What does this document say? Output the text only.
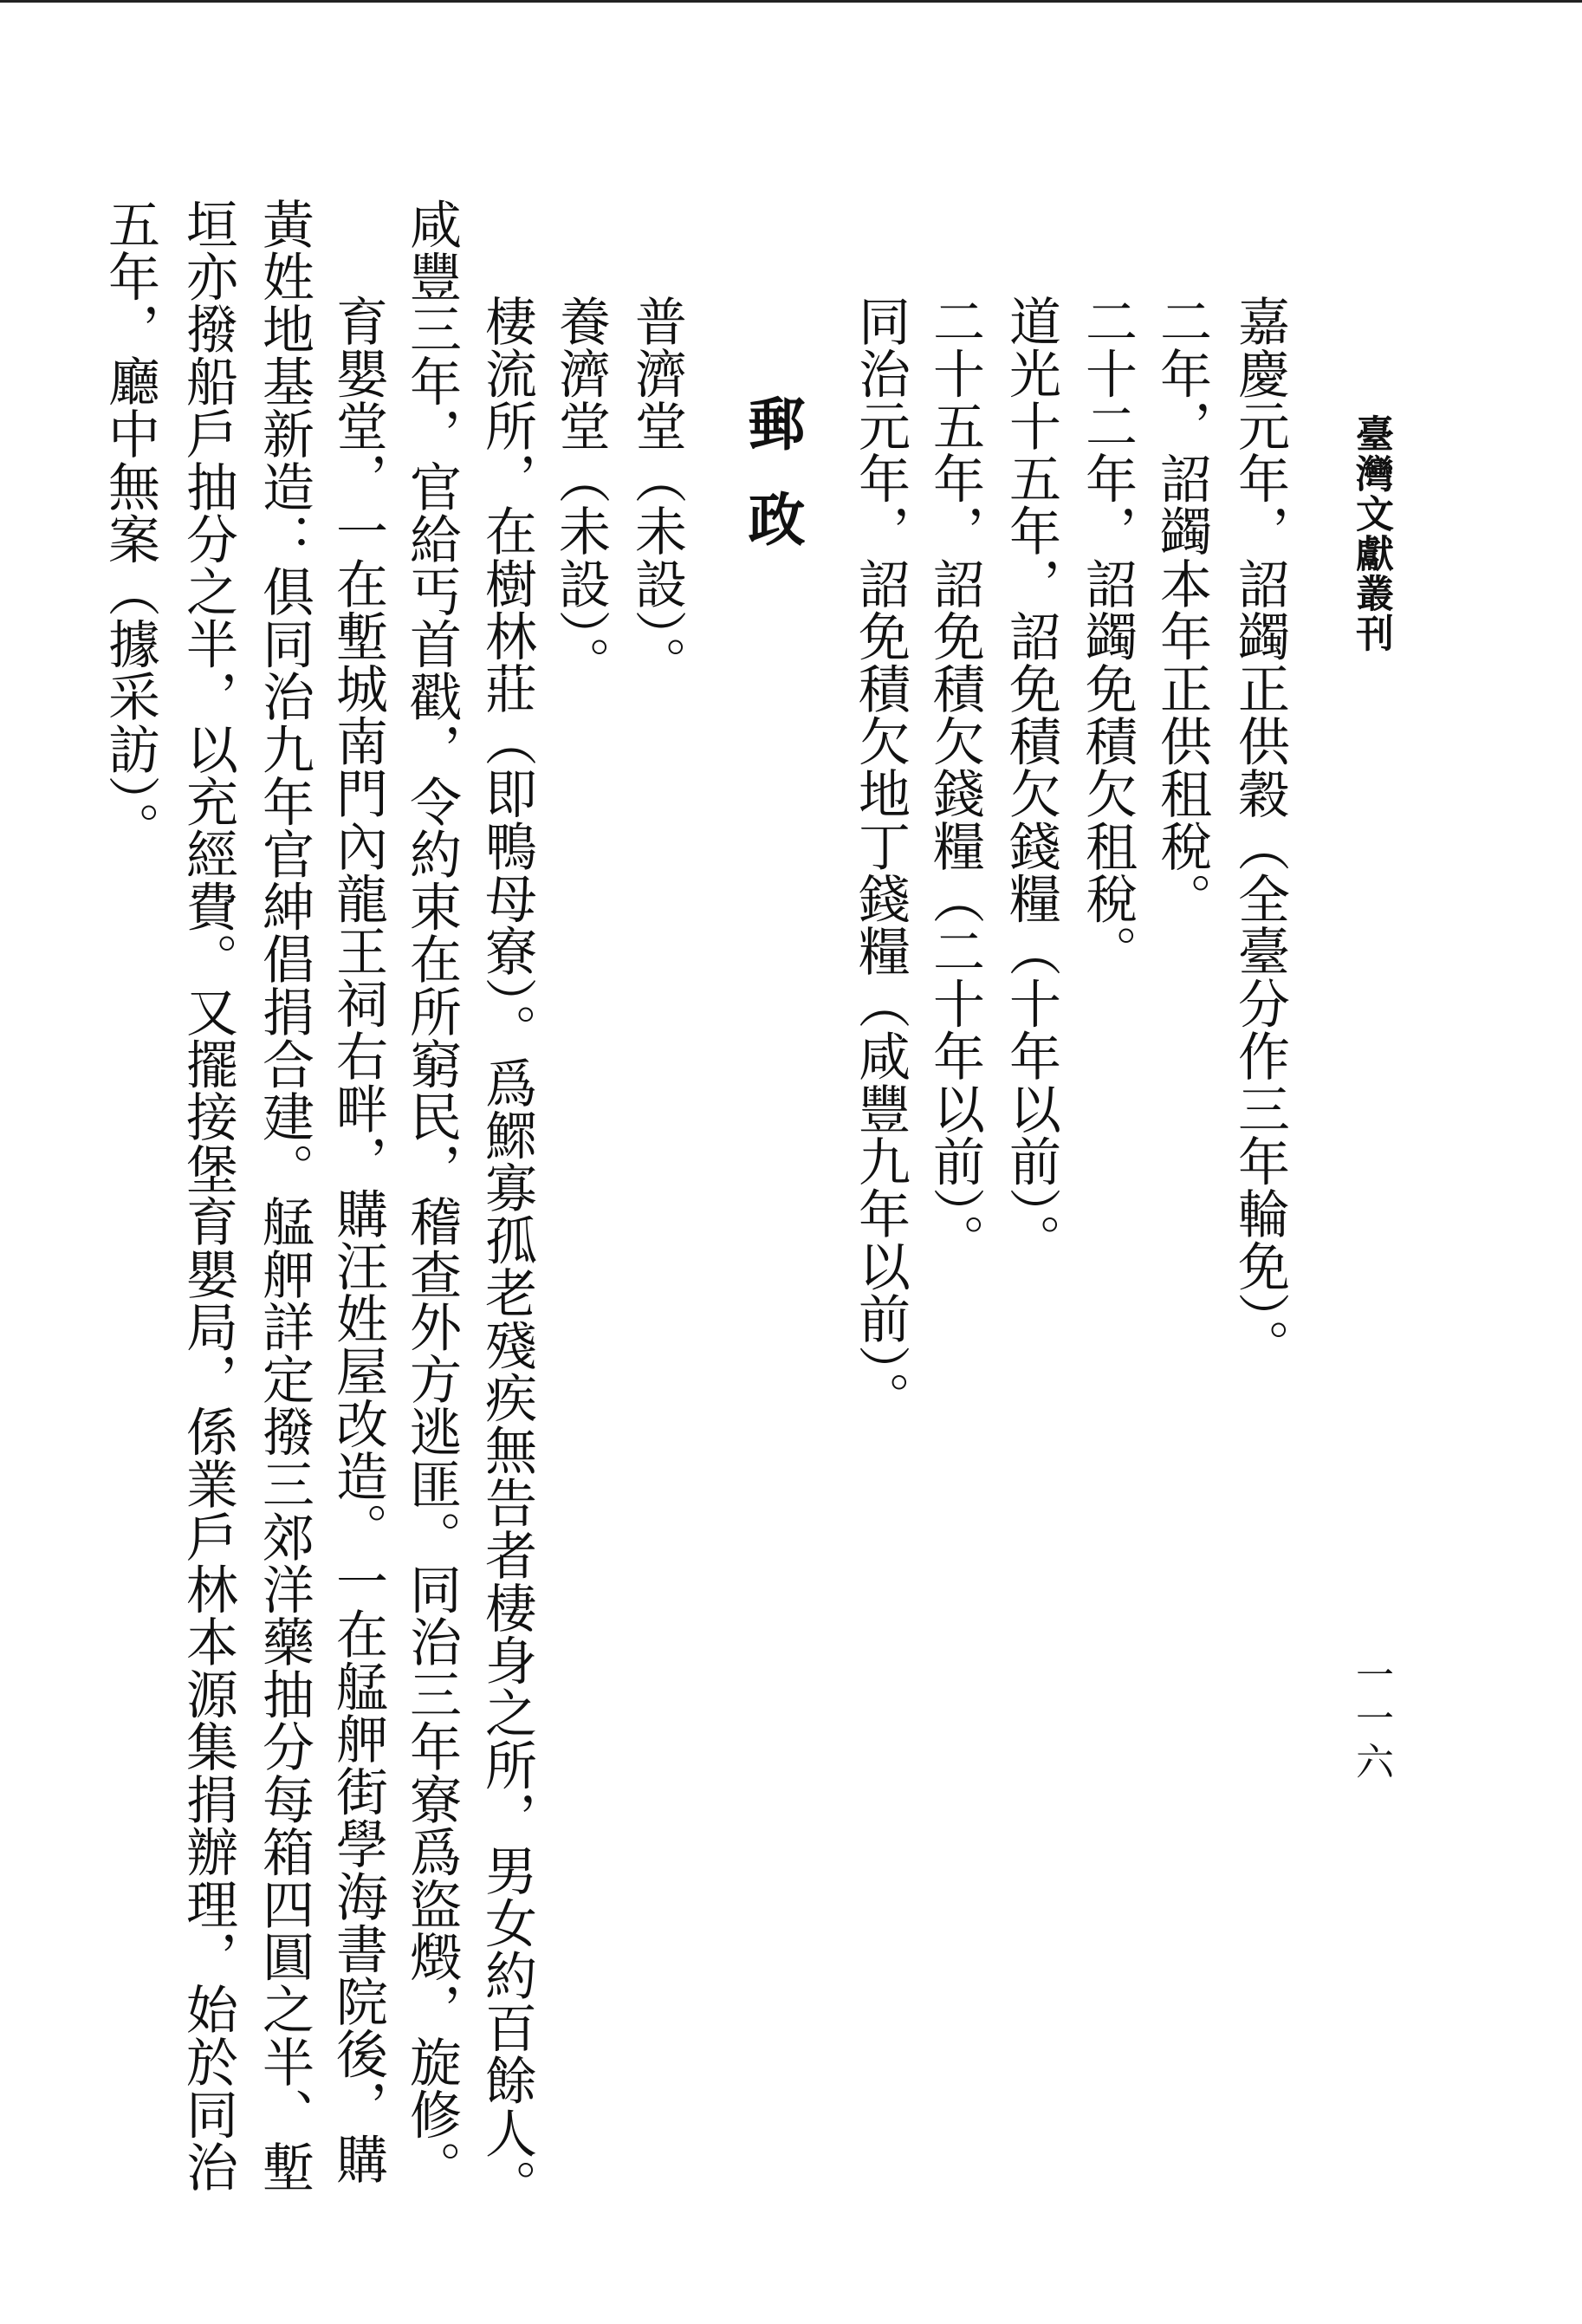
臺灣文獻叢刊
一一六
嘉慶元年，詔蠲正供穀（全臺分作三年輪免）。
二年，詔蠲本年正供租稅。
二十二年，詔蠲免積欠租稅。
道光十五年，詔免積欠錢糧（十年以前）。
二十五年，詔免積欠錢糧（二十年以前）。
同治元年，詔免積欠地丁錢糧（咸豐九年以前）。
郵政
普濟堂（未設）。
養濟堂（未設）。
棲流所，在樹林莊（即鴨母寮）。爲鰥寡孤老殘疾無告者棲身之所，男女約百餘人。
咸豐三年，官給丐首戳，令約束在所窮民，稽查外方逃匪。同治三年寮爲盜燬，旋修。
育嬰堂，一在塹城南門內龍王祠右畔，購汪姓屋改造。一在艋舺街學海書院後，購
黃姓地基新造：俱同治九年官紳倡捐合建。艋舺詳定撥三郊洋藥抽分每箱四圓之半、塹
垣亦撥船戶抽分之半，以充經費。又擺接堡育嬰局，係業戶林本源集捐辦理，始於同治
五年，廳中無案（據采訪）。
